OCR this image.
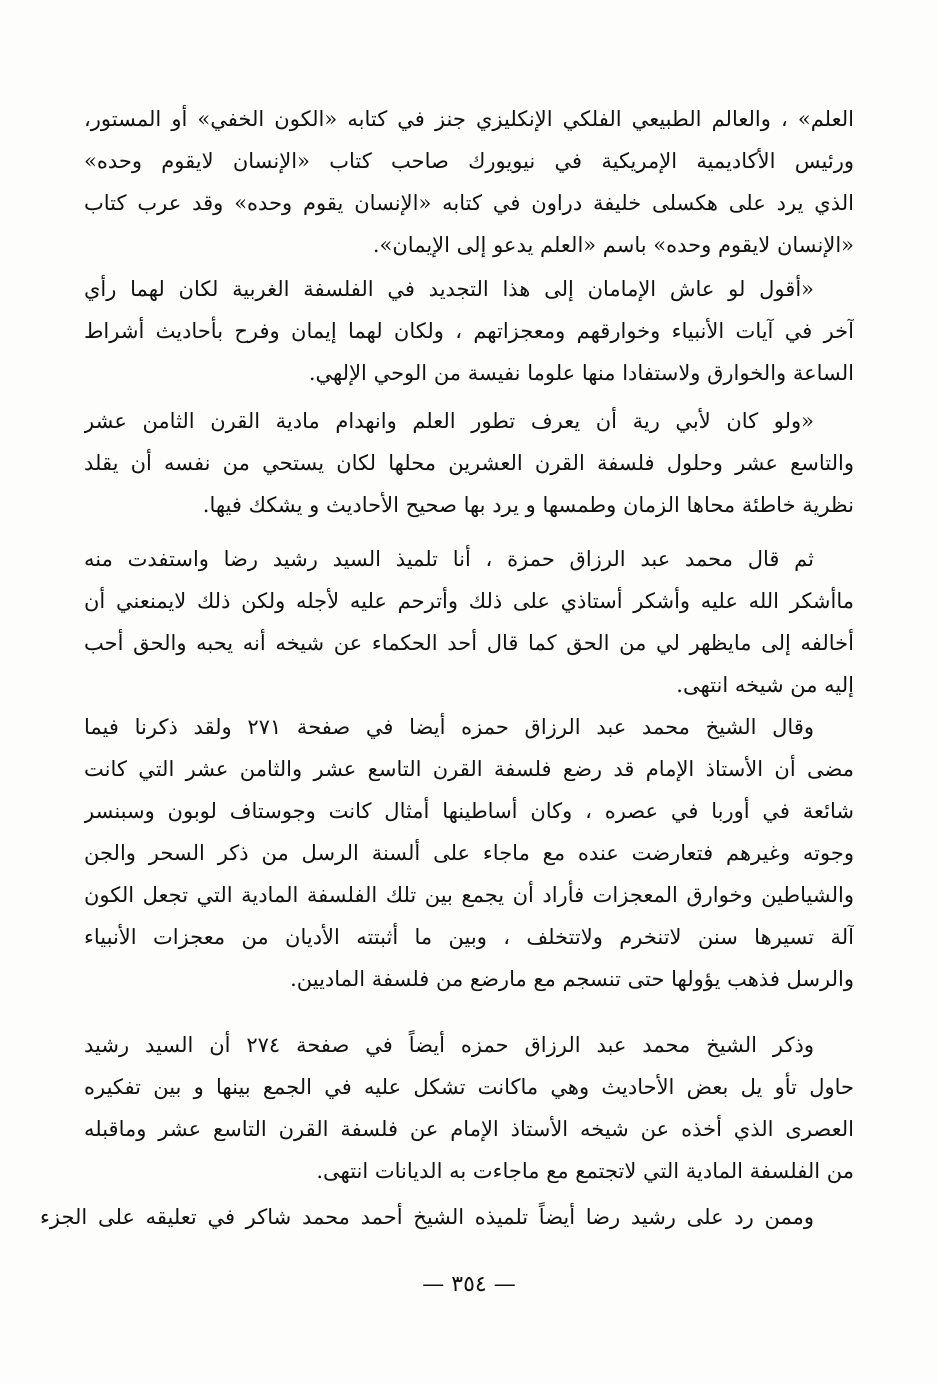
العلم» ، والعالم الطبيعي الفلكي الإنكليزي جنز في كتابه «الكون الخفي» أو المستور،
ورئيس الأكاديمية الإمريكية في نيويورك صاحب كتاب «الإنسان لايقوم وحده»
الذي يرد على هكسلى خليفة دراون في كتابه «الإنسان يقوم وحده» وقد عرب كتاب
«الإنسان لايقوم وحده» باسم «العلم يدعو إلى الإيمان».
«أقول لو عاش الإمامان إلى هذا التجديد في الفلسفة الغربية لكان لهما رأي
آخر في آيات الأنبياء وخوارقهم ومعجزاتهم ، ولكان لهما إيمان وفرح بأحاديث أشراط
الساعة والخوارق ولاستفادا منها علوما نفيسة من الوحي الإلهي.
«ولو كان لأبي رية أن يعرف تطور العلم وانهدام مادية القرن الثامن عشر
والتاسع عشر وحلول فلسفة القرن العشرين محلها لكان يستحي من نفسه أن يقلد
نظرية خاطئة محاها الزمان وطمسها و يرد بها صحيح الأحاديث و يشكك فيها.
ثم قال محمد عبد الرزاق حمزة ، أنا تلميذ السيد رشيد رضا واستفدت منه
ماأشكر الله عليه وأشكر أستاذي على ذلك وأترحم عليه لأجله ولكن ذلك لايمنعني أن
أخالفه إلى مايظهر لي من الحق كما قال أحد الحكماء عن شيخه أنه يحبه والحق أحب
إليه من شيخه انتهى.
وقال الشيخ محمد عبد الرزاق حمزه أيضا في صفحة ٢٧١ ولقد ذكرنا فيما
مضى أن الأستاذ الإمام قد رضع فلسفة القرن التاسع عشر والثامن عشر التي كانت
شائعة في أوربا في عصره ، وكان أساطينها أمثال كانت وجوستاف لوبون وسبنسر
وجوته وغيرهم فتعارضت عنده مع ماجاء على ألسنة الرسل من ذكر السحر والجن
والشياطين وخوارق المعجزات فأراد أن يجمع بين تلك الفلسفة المادية التي تجعل الكون
آلة تسيرها سنن لاتنخرم ولاتتخلف ، وبين ما أثبتته الأديان من معجزات الأنبياء
والرسل فذهب يؤولها حتى تنسجم مع مارضع من فلسفة الماديين.
وذكر الشيخ محمد عبد الرزاق حمزه أيضاً في صفحة ٢٧٤ أن السيد رشيد
حاول تأو يل بعض الأحاديث وهي ماكانت تشكل عليه في الجمع بينها و بين تفكيره
العصرى الذي أخذه عن شيخه الأستاذ الإمام عن فلسفة القرن التاسع عشر وماقبله
من الفلسفة المادية التي لاتجتمع مع ماجاءت به الديانات انتهى.
وممن رد على رشيد رضا أيضاً تلميذه الشيخ أحمد محمد شاكر في تعليقه على الجزء
— ٣٥٤ —
